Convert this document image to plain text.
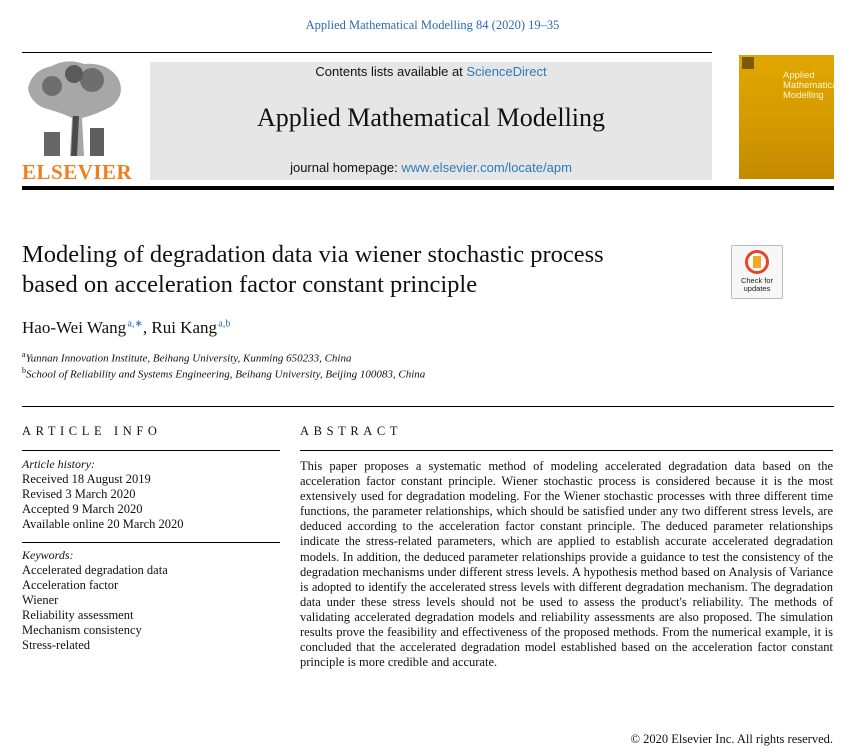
Applied Mathematical Modelling 84 (2020) 19–35
ELSEVIER
Contents lists available at ScienceDirect
Applied Mathematical Modelling
journal homepage: www.elsevier.com/locate/apm
Applied
Mathematical
Modelling
Modeling of degradation data via wiener stochastic process
based on acceleration factor constant principle	Check for
updates
Hao-Wei Wang $^{a,∗}$, Rui Kang $^{a,b}$
$^a$Yunnan Innovation Institute, Beihang University, Kunming 650233, China
$^b$School of Reliability and Systems Engineering, Beihang University, Beijing 100083, China
ARTICLE INFO	ABSTRACT
Article history:
Received 18 August 2019
Revised 3 March 2020
Accepted 9 March 2020
Available online 20 March 2020
Keywords:
Accelerated degradation data
Acceleration factor
Wiener
Reliability assessment
Mechanism consistency
Stress-related
This paper proposes a systematic method of modeling accelerated degradation data based on the acceleration factor constant principle. Wiener stochastic process is considered because it is the most extensively used for degradation modeling. For the Wiener stochastic processes with three different time functions, the parameter relationships, which should be satisfied under any two different stress levels, are deduced according to the acceleration factor constant principle. The deduced parameter relationships indicate the stress-related parameters, which are applied to establish accurate accelerated degradation models. In addition, the deduced parameter relationships provide a guidance to test the consistency of the degradation mechanisms under different stress levels. A hypothesis method based on Analysis of Variance is adopted to identify the accelerated stress levels with different degradation mechanism. The degradation data under these stress levels should not be used to assess the product's reliability. The methods of validating accelerated degradation models and reliability assessments are also proposed. The simulation results prove the feasibility and effectiveness of the proposed methods. From the numerical example, it is concluded that the accelerated degradation model established based on the acceleration factor constant principle is more credible and accurate.
© 2020 Elsevier Inc. All rights reserved.
